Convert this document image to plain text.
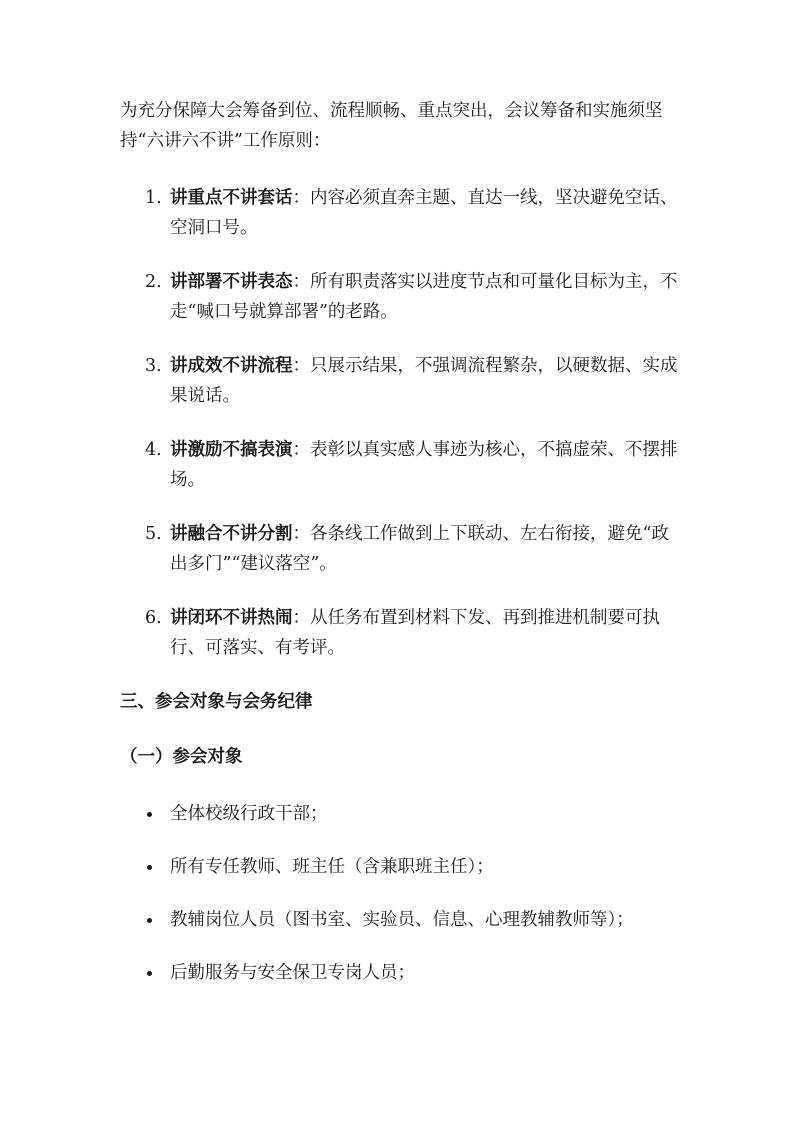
为充分保障大会筹备到位、流程顺畅、重点突出，会议筹备和实施须坚持“六讲六不讲”工作原则：

1. 讲重点不讲套话：内容必须直奔主题、直达一线，坚决避免空话、空洞口号。
2. 讲部署不讲表态：所有职责落实以进度节点和可量化目标为主，不走“喊口号就算部署”的老路。
3. 讲成效不讲流程：只展示结果，不强调流程繁杂，以硬数据、实成果说话。
4. 讲激励不搞表演：表彰以真实感人事迹为核心，不搞虚荣、不摆排场。
5. 讲融合不讲分割：各条线工作做到上下联动、左右衔接，避免“政出多门”“建议落空”。
6. 讲闭环不讲热闹：从任务布置到材料下发、再到推进机制要可执行、可落实、有考评。
三、参会对象与会务纪律
（一）参会对象
全体校级行政干部；
所有专任教师、班主任（含兼职班主任）；
教辅岗位人员（图书室、实验员、信息、心理教辅教师等）；
后勤服务与安全保卫专岗人员；
